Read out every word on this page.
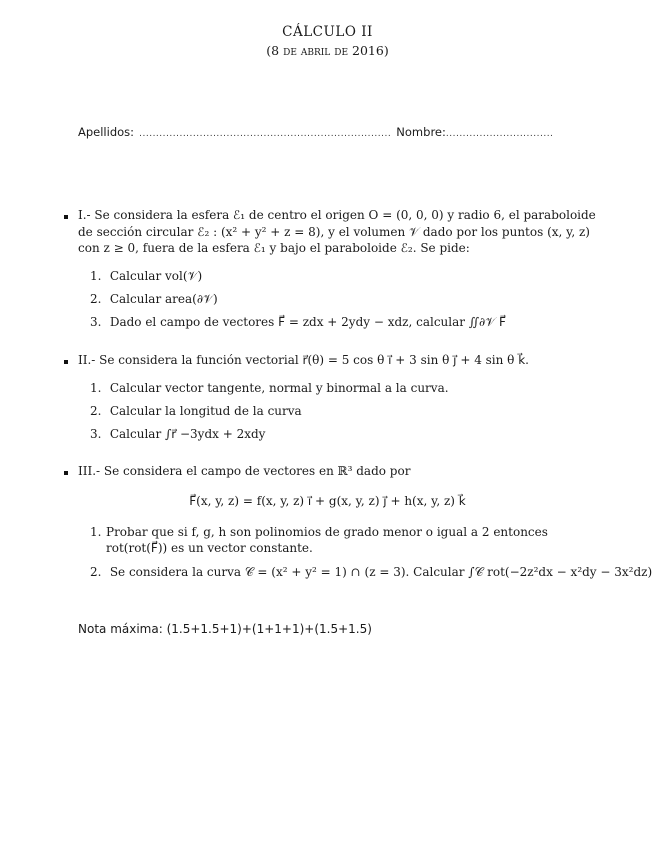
CÁLCULO II
(8 de abril de 2016)
Apellidos: ........................................................................... Nombre:................................
I.- Se considera la esfera ℰ₁ de centro el origen O = (0, 0, 0) y radio 6, el paraboloide de sección circular ℰ₂ : (x² + y² + z = 8), y el volumen 𝒱 dado por los puntos (x, y, z) con z ≥ 0, fuera de la esfera ℰ₁ y bajo el paraboloide ℰ₂. Se pide:
1. Calcular vol(𝒱)
2. Calcular area(∂𝒱)
3. Dado el campo de vectores F⃗ = zdx + 2ydy − xdz, calcular ∬∂𝒱 F⃗
II.- Se considera la función vectorial r⃗(θ) = 5 cos θ i⃗ + 3 sin θ j⃗ + 4 sin θ k⃗.
1. Calcular vector tangente, normal y binormal a la curva.
2. Calcular la longitud de la curva
3. Calcular ∫r⃗ −3ydx + 2xdy
III.- Se considera el campo de vectores en ℝ³ dado por
F⃗(x, y, z) = f(x, y, z) i⃗ + g(x, y, z) j⃗ + h(x, y, z) k⃗
1. Probar que si f, g, h son polinomios de grado menor o igual a 2 entonces rot(rot(F⃗)) es un vector constante.
2. Se considera la curva 𝒞 = (x² + y² = 1) ∩ (z = 3). Calcular ∫𝒞 rot(−2z²dx − x²dy − 3x²dz)
Nota máxima: (1.5+1.5+1)+(1+1+1)+(1.5+1.5)
